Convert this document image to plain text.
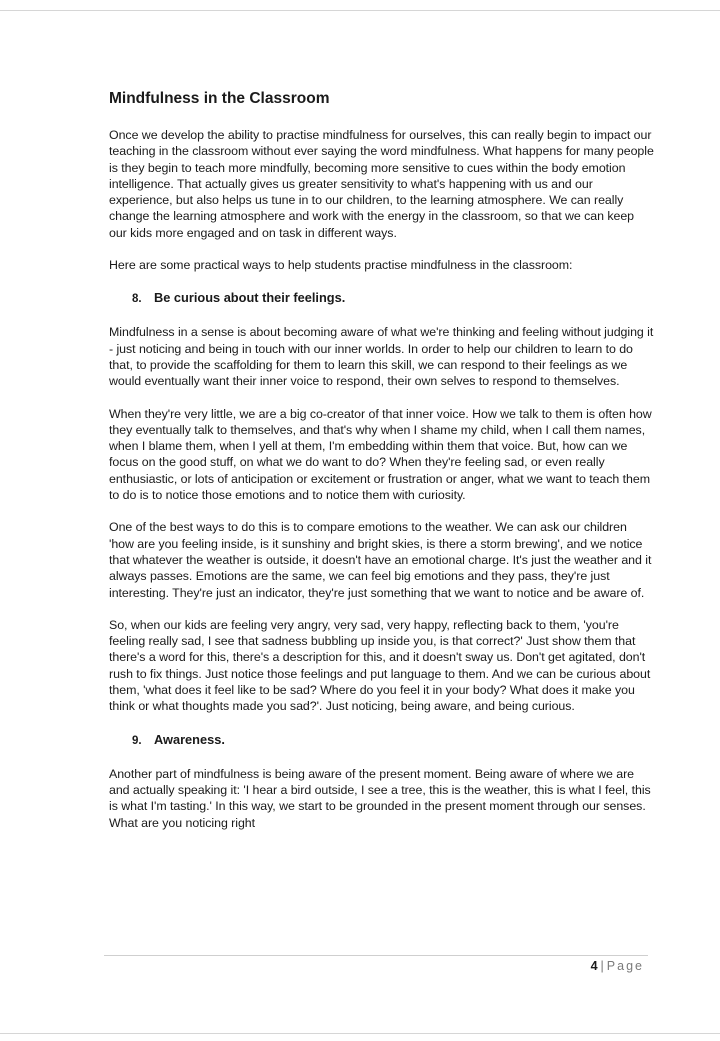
Mindfulness in the Classroom

Once we develop the ability to practise mindfulness for ourselves, this can really begin to impact our teaching in the classroom without ever saying the word mindfulness. What happens for many people is they begin to teach more mindfully, becoming more sensitive to cues within the body emotion intelligence. That actually gives us greater sensitivity to what's happening with us and our experience, but also helps us tune in to our children, to the learning atmosphere. We can really change the learning atmosphere and work with the energy in the classroom, so that we can keep our kids more engaged and on task in different ways.

Here are some practical ways to help students practise mindfulness in the classroom:

8. Be curious about their feelings.

Mindfulness in a sense is about becoming aware of what we're thinking and feeling without judging it - just noticing and being in touch with our inner worlds. In order to help our children to learn to do that, to provide the scaffolding for them to learn this skill, we can respond to their feelings as we would eventually want their inner voice to respond, their own selves to respond to themselves.

When they're very little, we are a big co-creator of that inner voice. How we talk to them is often how they eventually talk to themselves, and that's why when I shame my child, when I call them names, when I blame them, when I yell at them, I'm embedding within them that voice. But, how can we focus on the good stuff, on what we do want to do? When they're feeling sad, or even really enthusiastic, or lots of anticipation or excitement or frustration or anger, what we want to teach them to do is to notice those emotions and to notice them with curiosity.

One of the best ways to do this is to compare emotions to the weather. We can ask our children 'how are you feeling inside, is it sunshiny and bright skies, is there a storm brewing', and we notice that whatever the weather is outside, it doesn't have an emotional charge. It's just the weather and it always passes. Emotions are the same, we can feel big emotions and they pass, they're just interesting. They're just an indicator, they're just something that we want to notice and be aware of.

So, when our kids are feeling very angry, very sad, very happy, reflecting back to them, 'you're feeling really sad, I see that sadness bubbling up inside you, is that correct?' Just show them that there's a word for this, there's a description for this, and it doesn't sway us. Don't get agitated, don't rush to fix things. Just notice those feelings and put language to them. And we can be curious about them, 'what does it feel like to be sad? Where do you feel it in your body? What does it make you think or what thoughts made you sad?'. Just noticing, being aware, and being curious.

9. Awareness.

Another part of mindfulness is being aware of the present moment. Being aware of where we are and actually speaking it: 'I hear a bird outside, I see a tree, this is the weather, this is what I feel, this is what I'm tasting.' In this way, we start to be grounded in the present moment through our senses. What are you noticing right

4 | Page
